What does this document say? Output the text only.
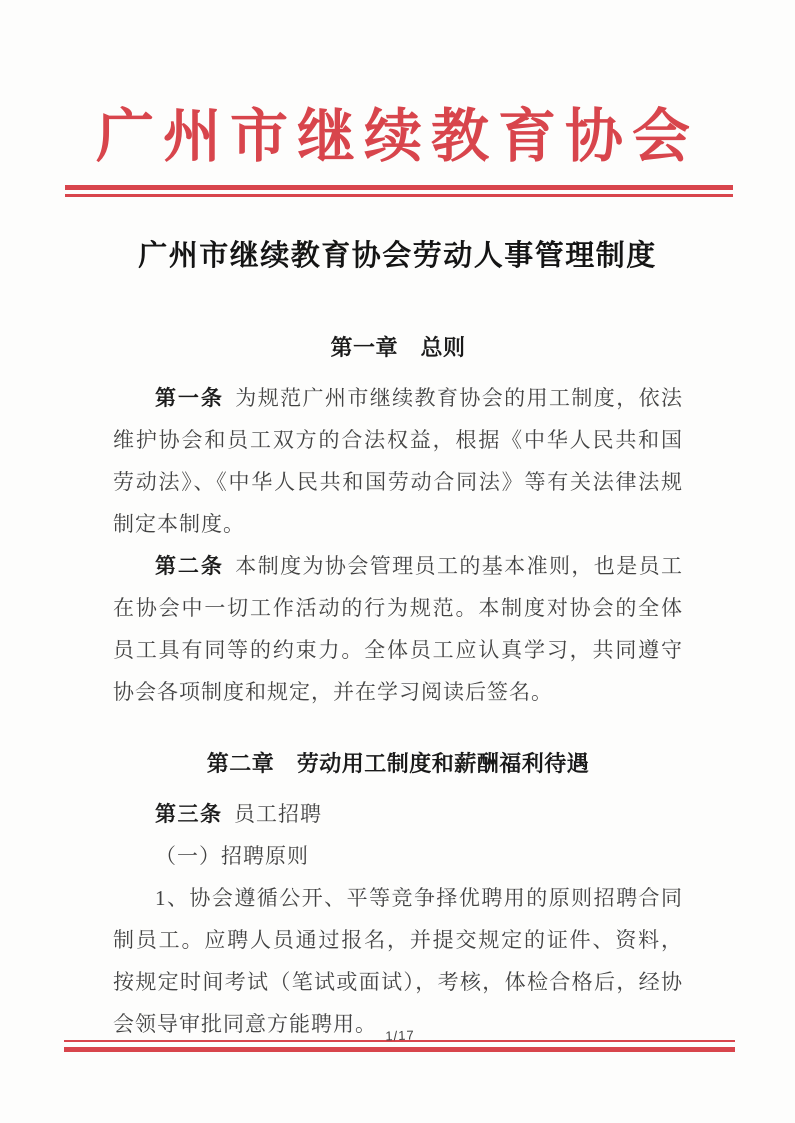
广州市继续教育协会
广州市继续教育协会劳动人事管理制度
第一章　总则

第一条 为规范广州市继续教育协会的用工制度，依法维护协会和员工双方的合法权益，根据《中华人民共和国劳动法》、《中华人民共和国劳动合同法》等有关法律法规制定本制度。

第二条 本制度为协会管理员工的基本准则，也是员工在协会中一切工作活动的行为规范。本制度对协会的全体员工具有同等的约束力。全体员工应认真学习，共同遵守协会各项制度和规定，并在学习阅读后签名。

第二章　劳动用工制度和薪酬福利待遇

第三条 员工招聘

（一）招聘原则

1、协会遵循公开、平等竞争择优聘用的原则招聘合同制员工。应聘人员通过报名，并提交规定的证件、资料，按规定时间考试（笔试或面试），考核，体检合格后，经协会领导审批同意方能聘用。 1/17
